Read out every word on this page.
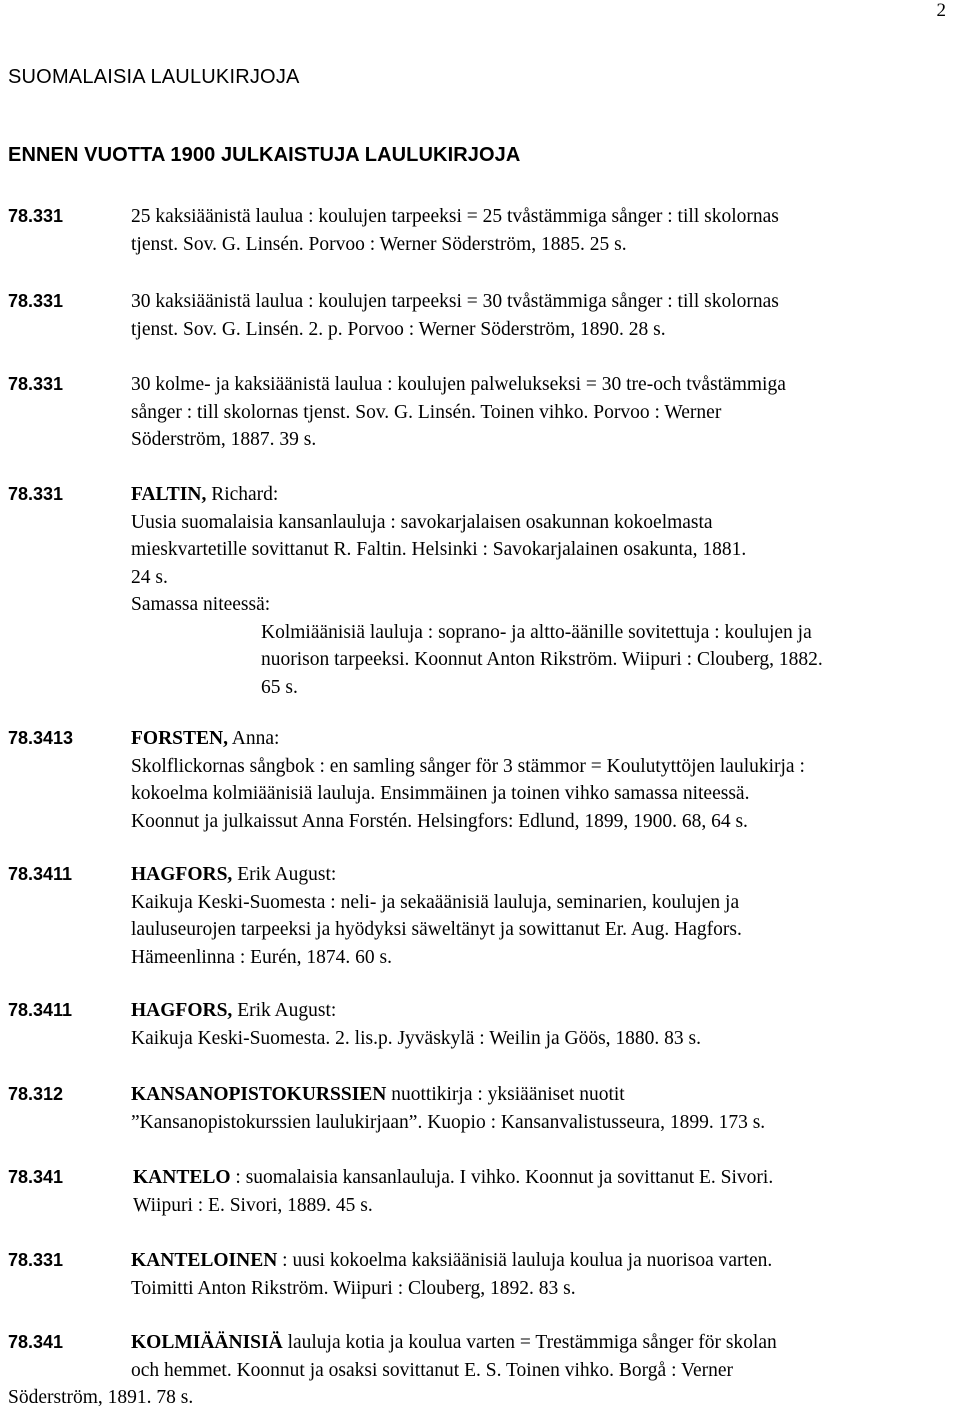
2
SUOMALAISIA LAULUKIRJOJA
ENNEN VUOTTA 1900 JULKAISTUJA LAULUKIRJOJA
78.331	25 kaksiäänistä laulua : koulujen tarpeeksi = 25 tvåstämmiga sånger : till skolornas
tjenst. Sov. G. Linsén. Porvoo : Werner Söderström, 1885. 25 s.
78.331	30 kaksiäänistä laulua : koulujen tarpeeksi = 30 tvåstämmiga sånger : till skolornas
tjenst. Sov. G. Linsén. 2. p. Porvoo : Werner Söderström, 1890. 28 s.
78.331	30 kolme- ja kaksiäänistä laulua : koulujen palwelukseksi = 30 tre-och tvåstämmiga
sånger : till skolornas tjenst. Sov. G. Linsén. Toinen vihko. Porvoo : Werner
Söderström, 1887. 39 s.
78.331	FALTIN, Richard:
Uusia suomalaisia kansanlauluja : savokarjalaisen osakunnan kokoelmasta
mieskvartetille sovittanut R. Faltin. Helsinki : Savokarjalainen osakunta, 1881.
24 s.
Samassa niteessä:
Kolmiäänisiä lauluja : soprano- ja altto-äänille sovitettuja : koulujen ja
nuorison tarpeeksi. Koonnut Anton Rikström. Wiipuri : Clouberg, 1882.
65 s.
78.3413	FORSTEN, Anna:
Skolflickornas sångbok : en samling sånger för 3 stämmor = Koulutyttöjen laulukirja :
kokoelma kolmiäänisiä lauluja. Ensimmäinen ja toinen vihko samassa niteessä.
Koonnut ja julkaissut Anna Forstén. Helsingfors: Edlund, 1899, 1900. 68, 64 s.
78.3411	HAGFORS, Erik August:
Kaikuja Keski-Suomesta : neli- ja sekaäänisiä lauluja, seminarien, koulujen ja
lauluseurojen tarpeeksi ja hyödyksi säweltänyt ja sowittanut Er. Aug. Hagfors.
Hämeenlinna : Eurén, 1874. 60 s.
78.3411	HAGFORS, Erik August:
Kaikuja Keski-Suomesta. 2. lis.p. Jyväskylä : Weilin ja Göös, 1880. 83 s.
78.312	KANSANOPISTOKURSSIEN nuottikirja : yksiääniset nuotit
”Kansanopistokurssien laulukirjaan”. Kuopio : Kansanvalistusseura, 1899. 173 s.
78.341	KANTELO : suomalaisia kansanlauluja. I vihko. Koonnut ja sovittanut E. Sivori.
Wiipuri : E. Sivori, 1889. 45 s.
78.331	KANTELOINEN : uusi kokoelma kaksiäänisiä lauluja koulua ja nuorisoa varten.
Toimitti Anton Rikström. Wiipuri : Clouberg, 1892. 83 s.
78.341	KOLMIÄÄNISIÄ lauluja kotia ja koulua varten = Trestämmiga sånger för skolan
och hemmet. Koonnut ja osaksi sovittanut E. S. Toinen vihko. Borgå : Verner
Söderström, 1891. 78 s.
